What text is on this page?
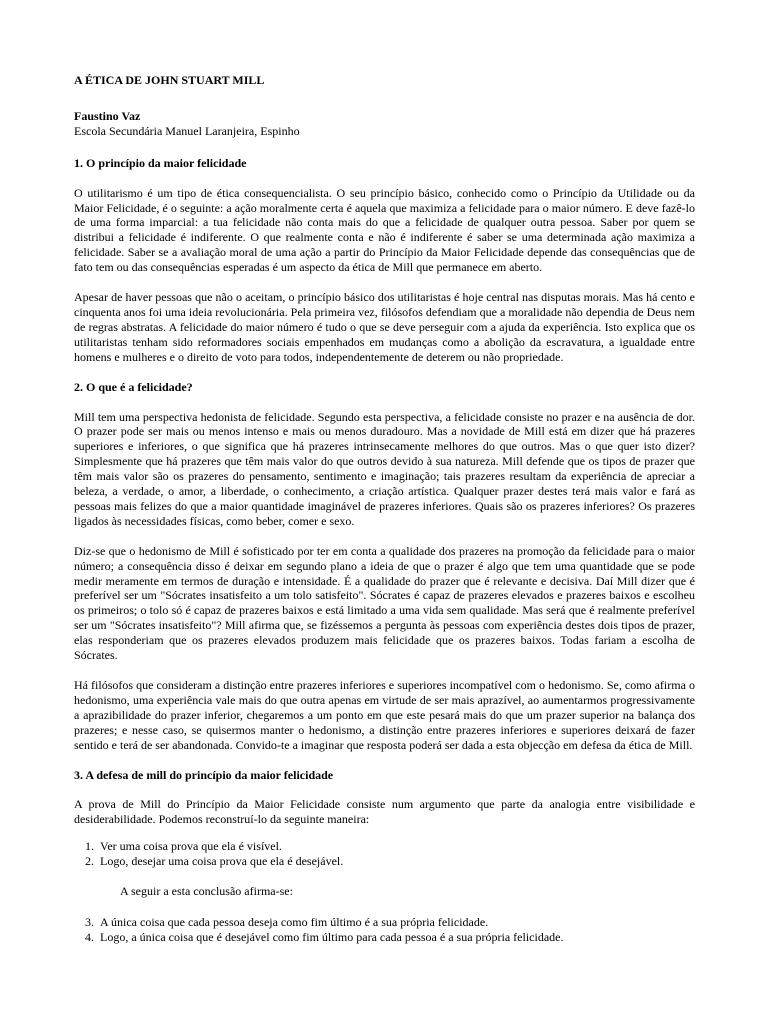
A ÉTICA DE JOHN STUART MILL
Faustino Vaz
Escola Secundária Manuel Laranjeira, Espinho
1. O princípio da maior felicidade

O utilitarismo é um tipo de ética consequencialista. O seu princípio básico, conhecido como o Princípio da Utilidade ou da Maior Felicidade, é o seguinte: a ação moralmente certa é aquela que maximiza a felicidade para o maior número. E deve fazê-lo de uma forma imparcial: a tua felicidade não conta mais do que a felicidade de qualquer outra pessoa. Saber por quem se distribui a felicidade é indiferente. O que realmente conta e não é indiferente é saber se uma determinada ação maximiza a felicidade. Saber se a avaliação moral de uma ação a partir do Princípio da Maior Felicidade depende das consequências que de fato tem ou das consequências esperadas é um aspecto da ética de Mill que permanece em aberto.

Apesar de haver pessoas que não o aceitam, o princípio básico dos utilitaristas é hoje central nas disputas morais. Mas há cento e cinquenta anos foi uma ideia revolucionária. Pela primeira vez, filósofos defendiam que a moralidade não dependia de Deus nem de regras abstratas. A felicidade do maior número é tudo o que se deve perseguir com a ajuda da experiência. Isto explica que os utilitaristas tenham sido reformadores sociais empenhados em mudanças como a abolição da escravatura, a igualdade entre homens e mulheres e o direito de voto para todos, independentemente de deterem ou não propriedade.

2. O que é a felicidade?

Mill tem uma perspectiva hedonista de felicidade. Segundo esta perspectiva, a felicidade consiste no prazer e na ausência de dor. O prazer pode ser mais ou menos intenso e mais ou menos duradouro. Mas a novidade de Mill está em dizer que há prazeres superiores e inferiores, o que significa que há prazeres intrinsecamente melhores do que outros. Mas o que quer isto dizer? Simplesmente que há prazeres que têm mais valor do que outros devido à sua natureza. Mill defende que os tipos de prazer que têm mais valor são os prazeres do pensamento, sentimento e imaginação; tais prazeres resultam da experiência de apreciar a beleza, a verdade, o amor, a liberdade, o conhecimento, a criação artística. Qualquer prazer destes terá mais valor e fará as pessoas mais felizes do que a maior quantidade imaginável de prazeres inferiores. Quais são os prazeres inferiores? Os prazeres ligados às necessidades físicas, como beber, comer e sexo.

Diz-se que o hedonismo de Mill é sofisticado por ter em conta a qualidade dos prazeres na promoção da felicidade para o maior número; a consequência disso é deixar em segundo plano a ideia de que o prazer é algo que tem uma quantidade que se pode medir meramente em termos de duração e intensidade. É a qualidade do prazer que é relevante e decisiva. Daí Mill dizer que é preferível ser um "Sócrates insatisfeito a um tolo satisfeito". Sócrates é capaz de prazeres elevados e prazeres baixos e escolheu os primeiros; o tolo só é capaz de prazeres baixos e está limitado a uma vida sem qualidade. Mas será que é realmente preferível ser um "Sócrates insatisfeito"? Mill afirma que, se fizéssemos a pergunta às pessoas com experiência destes dois tipos de prazer, elas responderiam que os prazeres elevados produzem mais felicidade que os prazeres baixos. Todas fariam a escolha de Sócrates.

Há filósofos que consideram a distinção entre prazeres inferiores e superiores incompatível com o hedonismo. Se, como afirma o hedonismo, uma experiência vale mais do que outra apenas em virtude de ser mais aprazível, ao aumentarmos progressivamente a aprazibilidade do prazer inferior, chegaremos a um ponto em que este pesará mais do que um prazer superior na balança dos prazeres; e nesse caso, se quisermos manter o hedonismo, a distinção entre prazeres inferiores e superiores deixará de fazer sentido e terá de ser abandonada. Convido-te a imaginar que resposta poderá ser dada a esta objecção em defesa da ética de Mill.

3. A defesa de mill do princípio da maior felicidade

A prova de Mill do Princípio da Maior Felicidade consiste num argumento que parte da analogia entre visibilidade e desiderabilidade. Podemos reconstruí-lo da seguinte maneira:

1. Ver uma coisa prova que ela é visível.
2. Logo, desejar uma coisa prova que ela é desejável.
A seguir a esta conclusão afirma-se:
3. A única coisa que cada pessoa deseja como fim último é a sua própria felicidade.
4. Logo, a única coisa que é desejável como fim último para cada pessoa é a sua própria felicidade.
